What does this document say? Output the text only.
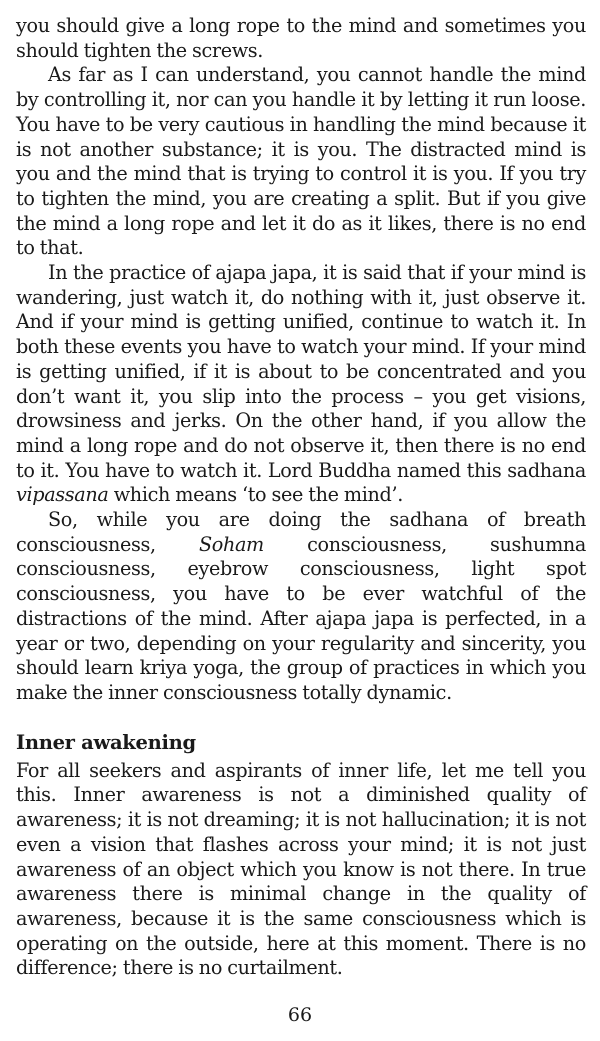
you should give a long rope to the mind and sometimes you should tighten the screws.

As far as I can understand, you cannot handle the mind by controlling it, nor can you handle it by letting it run loose. You have to be very cautious in handling the mind because it is not another substance; it is you. The distracted mind is you and the mind that is trying to control it is you. If you try to tighten the mind, you are creating a split. But if you give the mind a long rope and let it do as it likes, there is no end to that.

In the practice of ajapa japa, it is said that if your mind is wandering, just watch it, do nothing with it, just observe it. And if your mind is getting unified, continue to watch it. In both these events you have to watch your mind. If your mind is getting unified, if it is about to be concentrated and you don’t want it, you slip into the process – you get visions, drowsiness and jerks. On the other hand, if you allow the mind a long rope and do not observe it, then there is no end to it. You have to watch it. Lord Buddha named this sadhana vipassana which means ‘to see the mind’.

So, while you are doing the sadhana of breath consciousness, Soham consciousness, sushumna consciousness, eyebrow consciousness, light spot consciousness, you have to be ever watchful of the distractions of the mind. After ajapa japa is perfected, in a year or two, depending on your regularity and sincerity, you should learn kriya yoga, the group of practices in which you make the inner consciousness totally dynamic.

Inner awakening

For all seekers and aspirants of inner life, let me tell you this. Inner awareness is not a diminished quality of awareness; it is not dreaming; it is not hallucination; it is not even a vision that flashes across your mind; it is not just awareness of an object which you know is not there. In true awareness there is minimal change in the quality of awareness, because it is the same consciousness which is operating on the outside, here at this moment. There is no difference; there is no curtailment.

66
